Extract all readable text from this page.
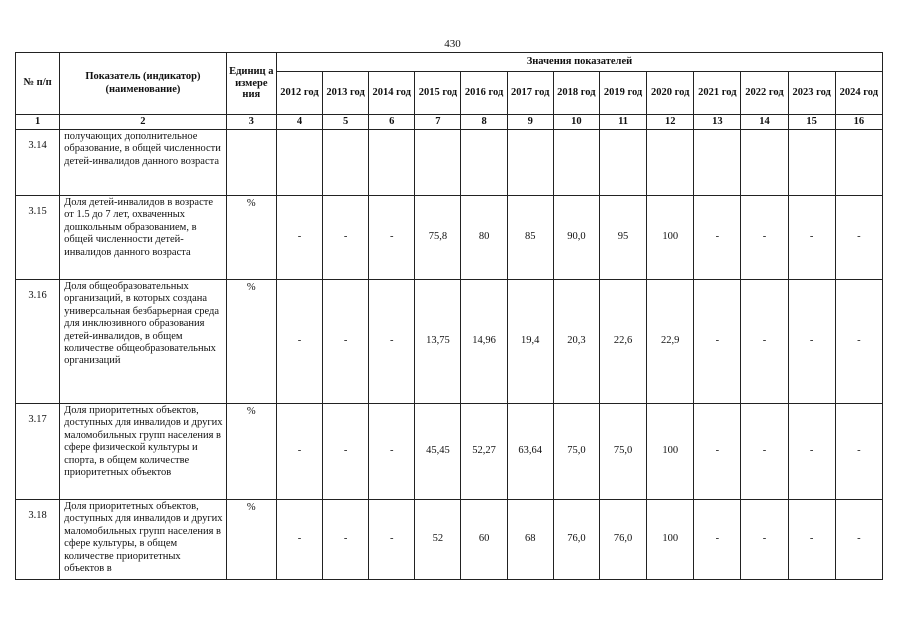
430
№ п/п	Показатель (индикатор) (наименование)	Единиц а измере ния	Значения показателей												
			2012 год	2013 год	2014 год	2015 год	2016 год	2017 год	2018 год	2019 год	2020 год	2021 год	2022 год	2023 год	2024 год
1	2	3	4	5	6	7	8	9	10	11	12	13	14	15	16
3.14	получающих дополнительное образование, в общей численности детей-инвалидов данного возраста														
3.15	Доля детей-инвалидов в возрасте от 1.5 до 7 лет, охваченных дошкольным образованием, в общей численности детей-инвалидов данного возраста	%	-	-	-	75,8	80	85	90,0	95	100	-	-	-	-
3.16	Доля общеобразовательных организаций, в которых создана универсальная безбарьерная среда для инклюзивного образования детей-инвалидов, в общем количестве общеобразовательных организаций	%	-	-	-	13,75	14,96	19,4	20,3	22,6	22,9	-	-	-	-
3.17	Доля приоритетных объектов, доступных для инвалидов и других маломобильных групп населения в сфере физической культуры и спорта, в общем количестве приоритетных объектов	%	-	-	-	45,45	52,27	63,64	75,0	75,0	100	-	-	-	-
3.18	Доля приоритетных объектов, доступных для инвалидов и других маломобильных групп населения в сфере культуры, в общем количестве приоритетных объектов в	%	-	-	-	52	60	68	76,0	76,0	100	-	-	-	-
